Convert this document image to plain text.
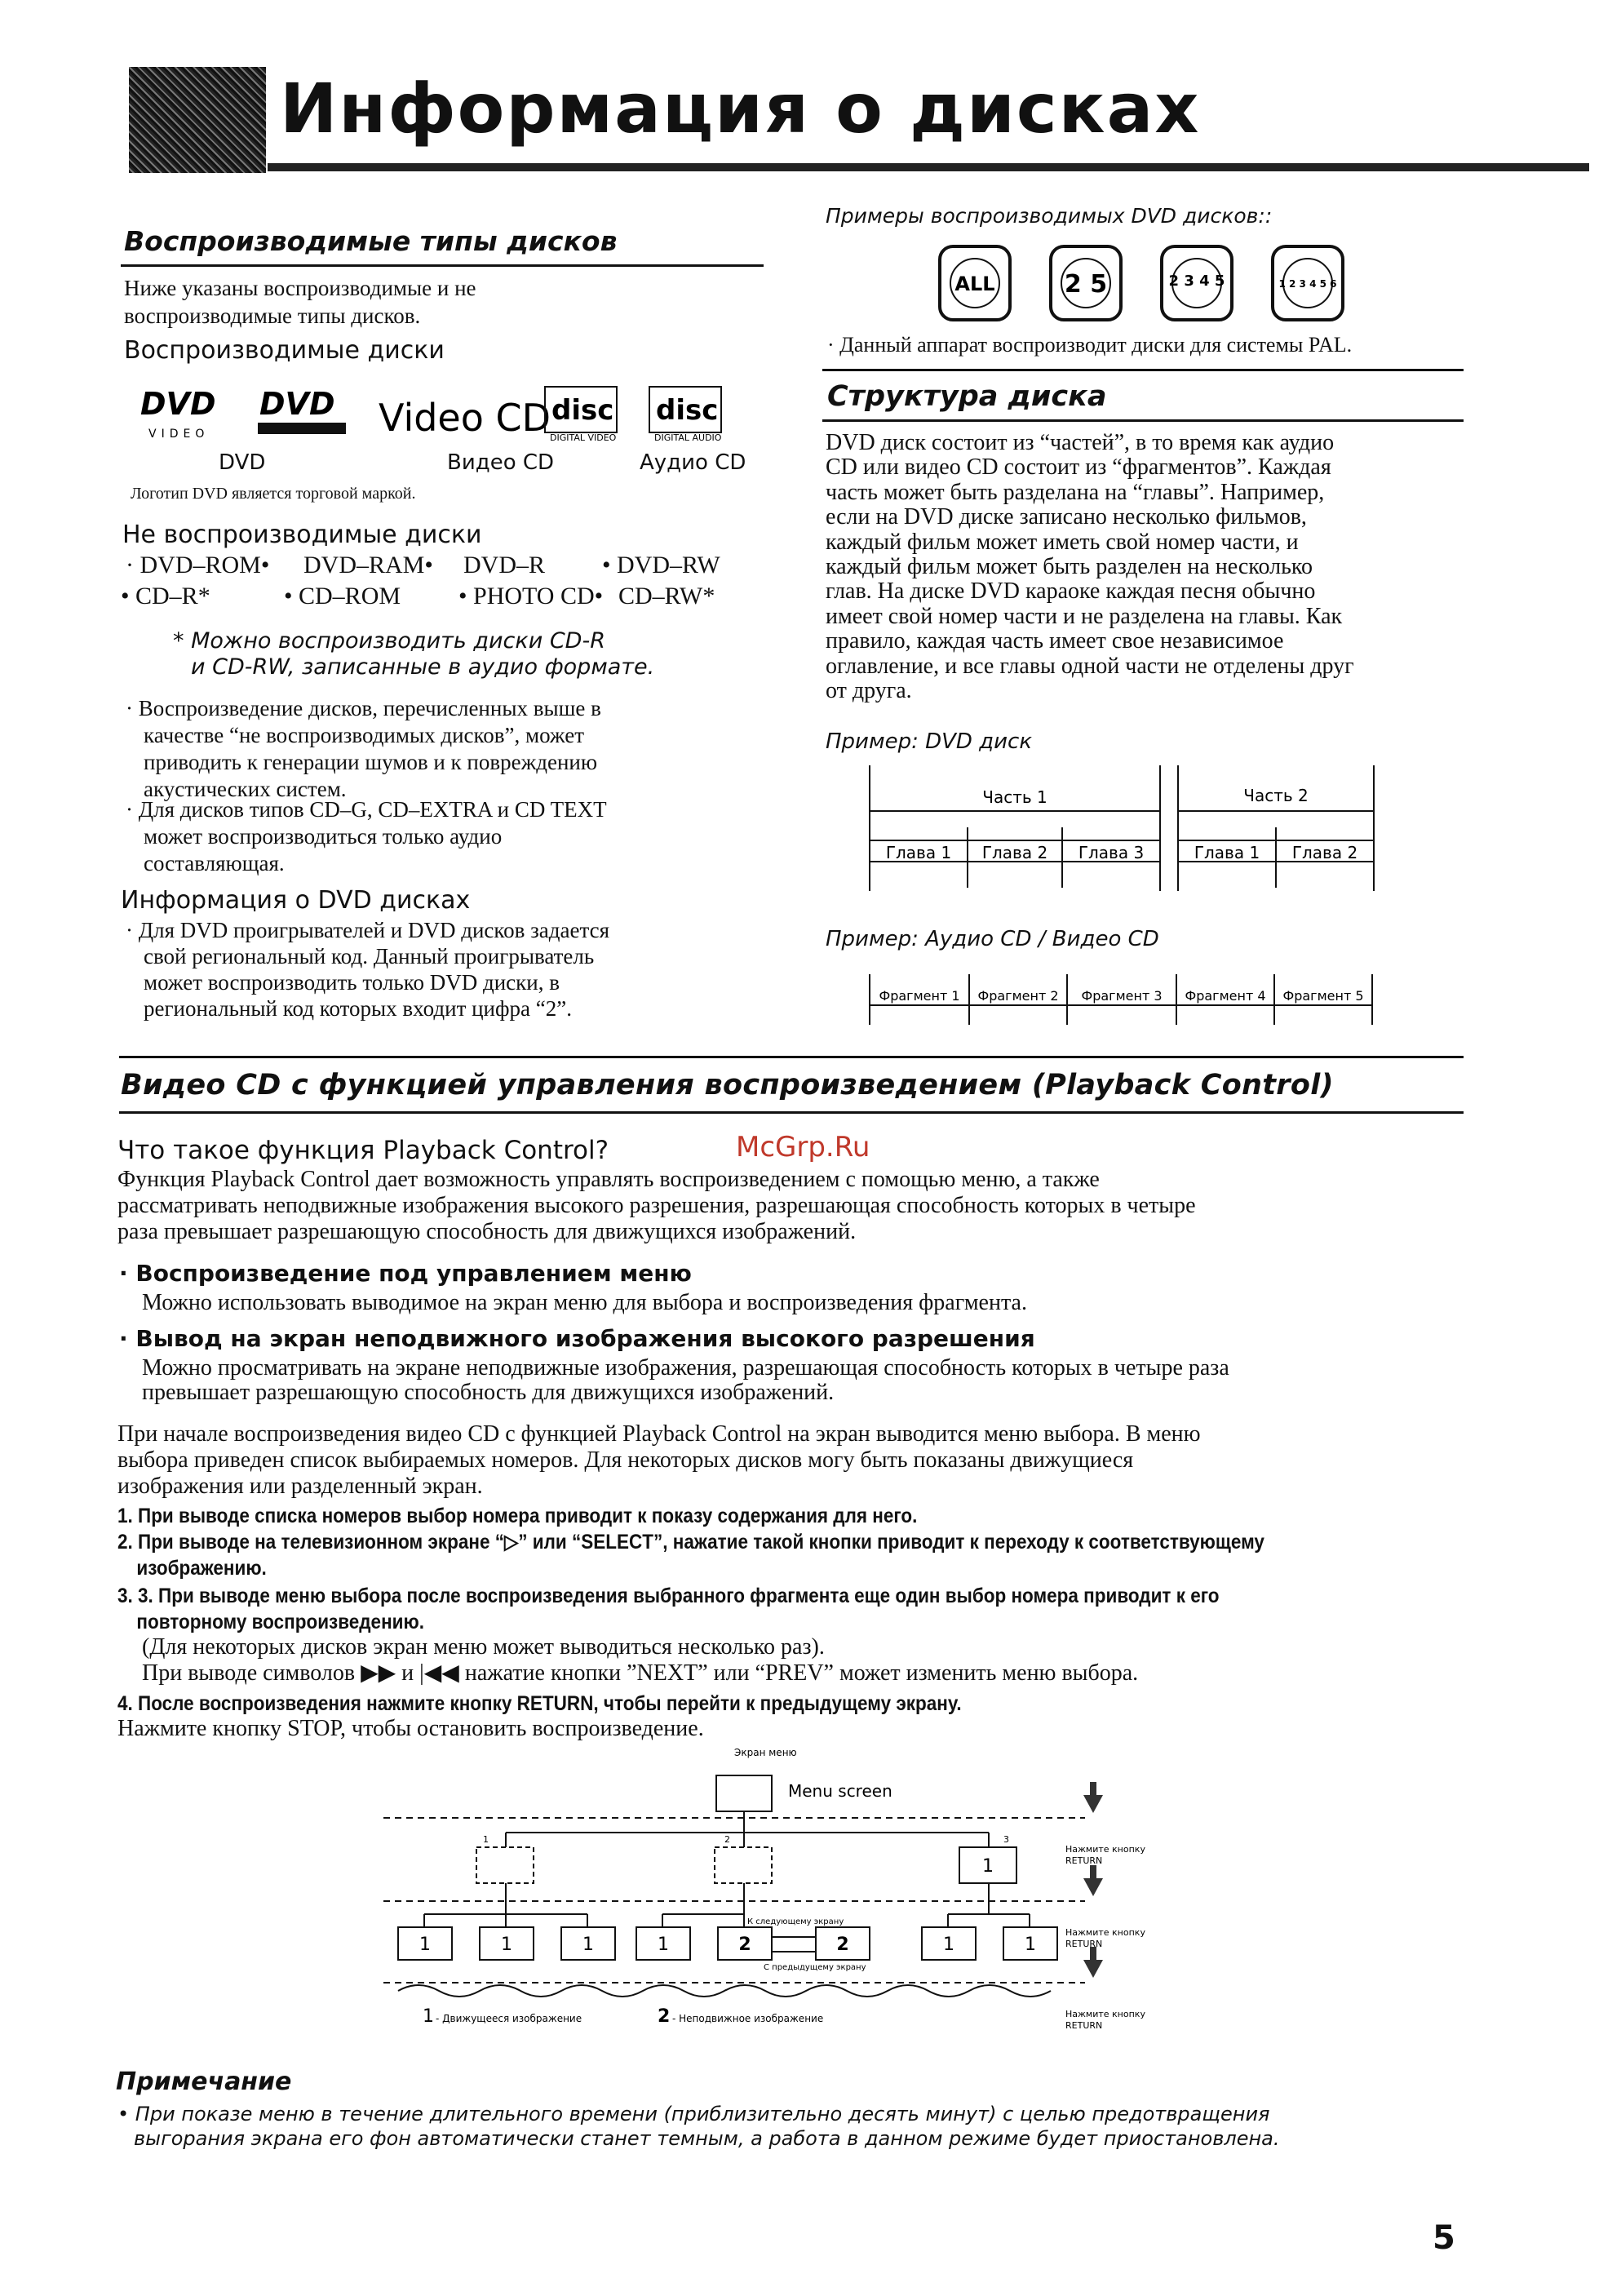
Информация о дисках
Воспроизводимые типы дисков
Ниже указаны воспроизводимые и не
воспроизводимые типы дисков.
Воспроизводимые диски
DVD
VIDEO
DVD Video CD disc
DIGITAL VIDEO
disc
DIGITAL AUDIO
DVD	Видео CD	Аудио CD
Логотип DVD является торговой маркой.
Не воспроизводимые диски
· DVD–ROM• DVD–RAM• DVD–R • DVD–RW
• CD–R*	• CD–ROM • PHOTO CD• CD–RW*
* Можно воспроизводить диски CD-R
и CD-RW, записанные в аудио формате.
· Воспроизведение дисков, перечисленных выше в
качестве “не воспроизводимых дисков”, может
приводить к генерации шумов и к повреждению
акустических систем.
· Для дисков типов CD–G, CD–EXTRA и CD TEXT
может воспроизводиться только аудио
составляющая.
Информация о DVD дисках
· Для DVD проигрывателей и DVD дисков задается
свой региональный код. Данный проигрыватель
может воспроизводить только DVD диски, в
региональный код которых входит цифра “2”.
Примеры воспроизводимых DVD дисков::
ALL	2 5	2 3 4 5	1 2 3 4 5 6
· Данный аппарат воспроизводит диски для системы PAL.
Структура диска
DVD диск состоит из “частей”, в то время как аудио
CD или видео CD состоит из “фрагментов”. Каждая
часть может быть разделана на “главы”. Например,
если на DVD диске записано несколько фильмов,
каждый фильм может иметь свой номер части, и
каждый фильм может быть разделен на несколько
глав. На диске DVD караоке каждая песня обычно
имеет свой номер части и не разделена на главы. Как
правило, каждая часть имеет свое независимое
оглавление, и все главы одной части не отделены друг
от друга.
Пример: DVD диск
Часть 1	Часть 2
Глава 1 Глава 2 Глава 3	Глава 1 Глава 2
Пример: Аудио CD / Видео CD
Фрагмент 1 Фрагмент 2 Фрагмент 3 Фрагмент 4 Фрагмент 5
Видео CD с функцией управления воспроизведением (Playback Control)
Что такое функция Playback Control?	McGrp.Ru
Функция Playback Control дает возможность управлять воспроизведением с помощью меню, а также
рассматривать неподвижные изображения высокого разрешения, разрешающая способность которых в четыре
раза превышает разрешающую способность для движущихся изображений.
· Воспроизведение под управлением меню
Можно использовать выводимое на экран меню для выбора и воспроизведения фрагмента.
· Вывод на экран неподвижного изображения высокого разрешения
Можно просматривать на экране неподвижные изображения, разрешающая способность которых в четыре раза
превышает разрешающую способность для движущихся изображений.
При начале воспроизведения видео CD с функцией Playback Control на экран выводится меню выбора. В меню
выбора приведен список выбираемых номеров. Для некоторых дисков могу быть показаны движущиеся
изображения или разделенный экран.
1. При выводе списка номеров выбор номера приводит к показу содержания для него.
2. При выводе на телевизионном экране “▷” или “SELECT”, нажатие такой кнопки приводит к переходу к соответствующему
изображению.
3. 3. При выводе меню выбора после воспроизведения выбранного фрагмента еще один выбор номера приводит к его
повторному воспроизведению.
(Для некоторых дисков экран меню может выводиться несколько раз).
При выводе символов ▶▶ и |◀◀ нажатие кнопки ”NEXT” или “PREV” может изменить меню выбора.
4. После воспроизведения нажмите кнопку RETURN, чтобы перейти к предыдущему экрану.
Нажмите кнопку STOP, чтобы остановить воспроизведение.
Экран меню
Menu screen
1	2	3
1
1	1	1	1	2	2	1	1
К следующему экрану
С предыдущему экрану
Нажмите кнопку
RETURN
Нажмите кнопку
RETURN
Нажмите кнопку
RETURN
1 - Движущееся изображение	2 - Неподвижное изображение
Примечание
• При показе меню в течение длительного времени (приблизительно десять минут) с целью предотвращения
выгорания экрана его фон автоматически станет темным, а работа в данном режиме будет приостановлена.
5
